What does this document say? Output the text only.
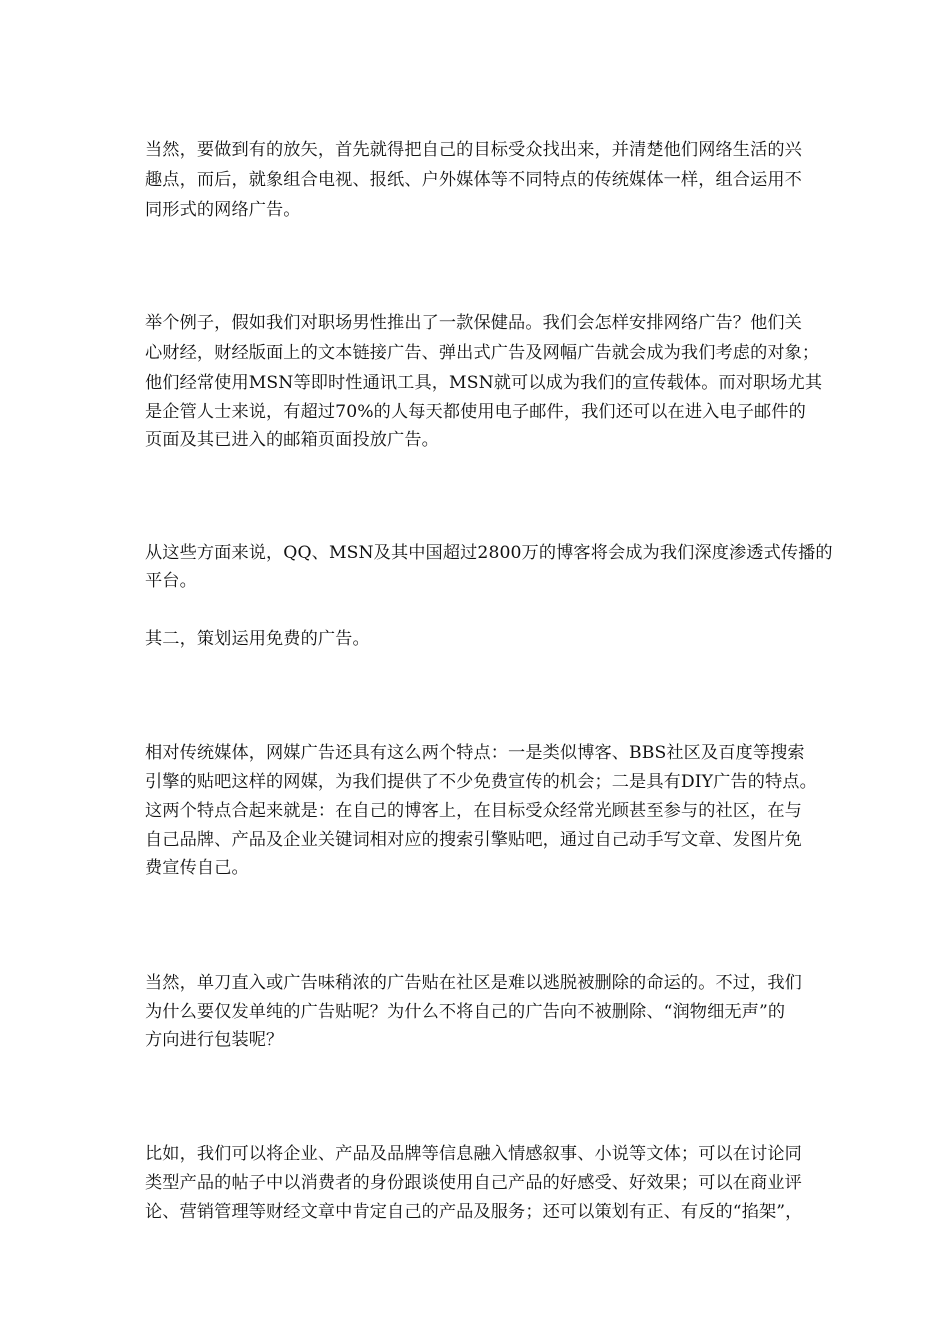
当然，要做到有的放矢，首先就得把自己的目标受众找出来，并清楚他们网络生活的兴
趣点，而后，就象组合电视、报纸、户外媒体等不同特点的传统媒体一样，组合运用不
同形式的网络广告。
举个例子，假如我们对职场男性推出了一款保健品。我们会怎样安排网络广告？他们关
心财经，财经版面上的文本链接广告、弹出式广告及网幅广告就会成为我们考虑的对象；
他们经常使用MSN等即时性通讯工具，MSN就可以成为我们的宣传载体。而对职场尤其
是企管人士来说，有超过70%的人每天都使用电子邮件，我们还可以在进入电子邮件的
页面及其已进入的邮箱页面投放广告。
从这些方面来说，QQ、MSN及其中国超过2800万的博客将会成为我们深度渗透式传播的
平台。
其二，策划运用免费的广告。
相对传统媒体，网媒广告还具有这么两个特点：一是类似博客、BBS社区及百度等搜索
引擎的贴吧这样的网媒，为我们提供了不少免费宣传的机会；二是具有DIY广告的特点。
这两个特点合起来就是：在自己的博客上，在目标受众经常光顾甚至参与的社区，在与
自己品牌、产品及企业关键词相对应的搜索引擎贴吧，通过自己动手写文章、发图片免
费宣传自己。
当然，单刀直入或广告味稍浓的广告贴在社区是难以逃脱被删除的命运的。不过，我们
为什么要仅发单纯的广告贴呢？为什么不将自己的广告向不被删除、“润物细无声”的
方向进行包装呢？
比如，我们可以将企业、产品及品牌等信息融入情感叙事、小说等文体；可以在讨论同
类型产品的帖子中以消费者的身份跟谈使用自己产品的好感受、好效果；可以在商业评
论、营销管理等财经文章中肯定自己的产品及服务；还可以策划有正、有反的“掐架”，
